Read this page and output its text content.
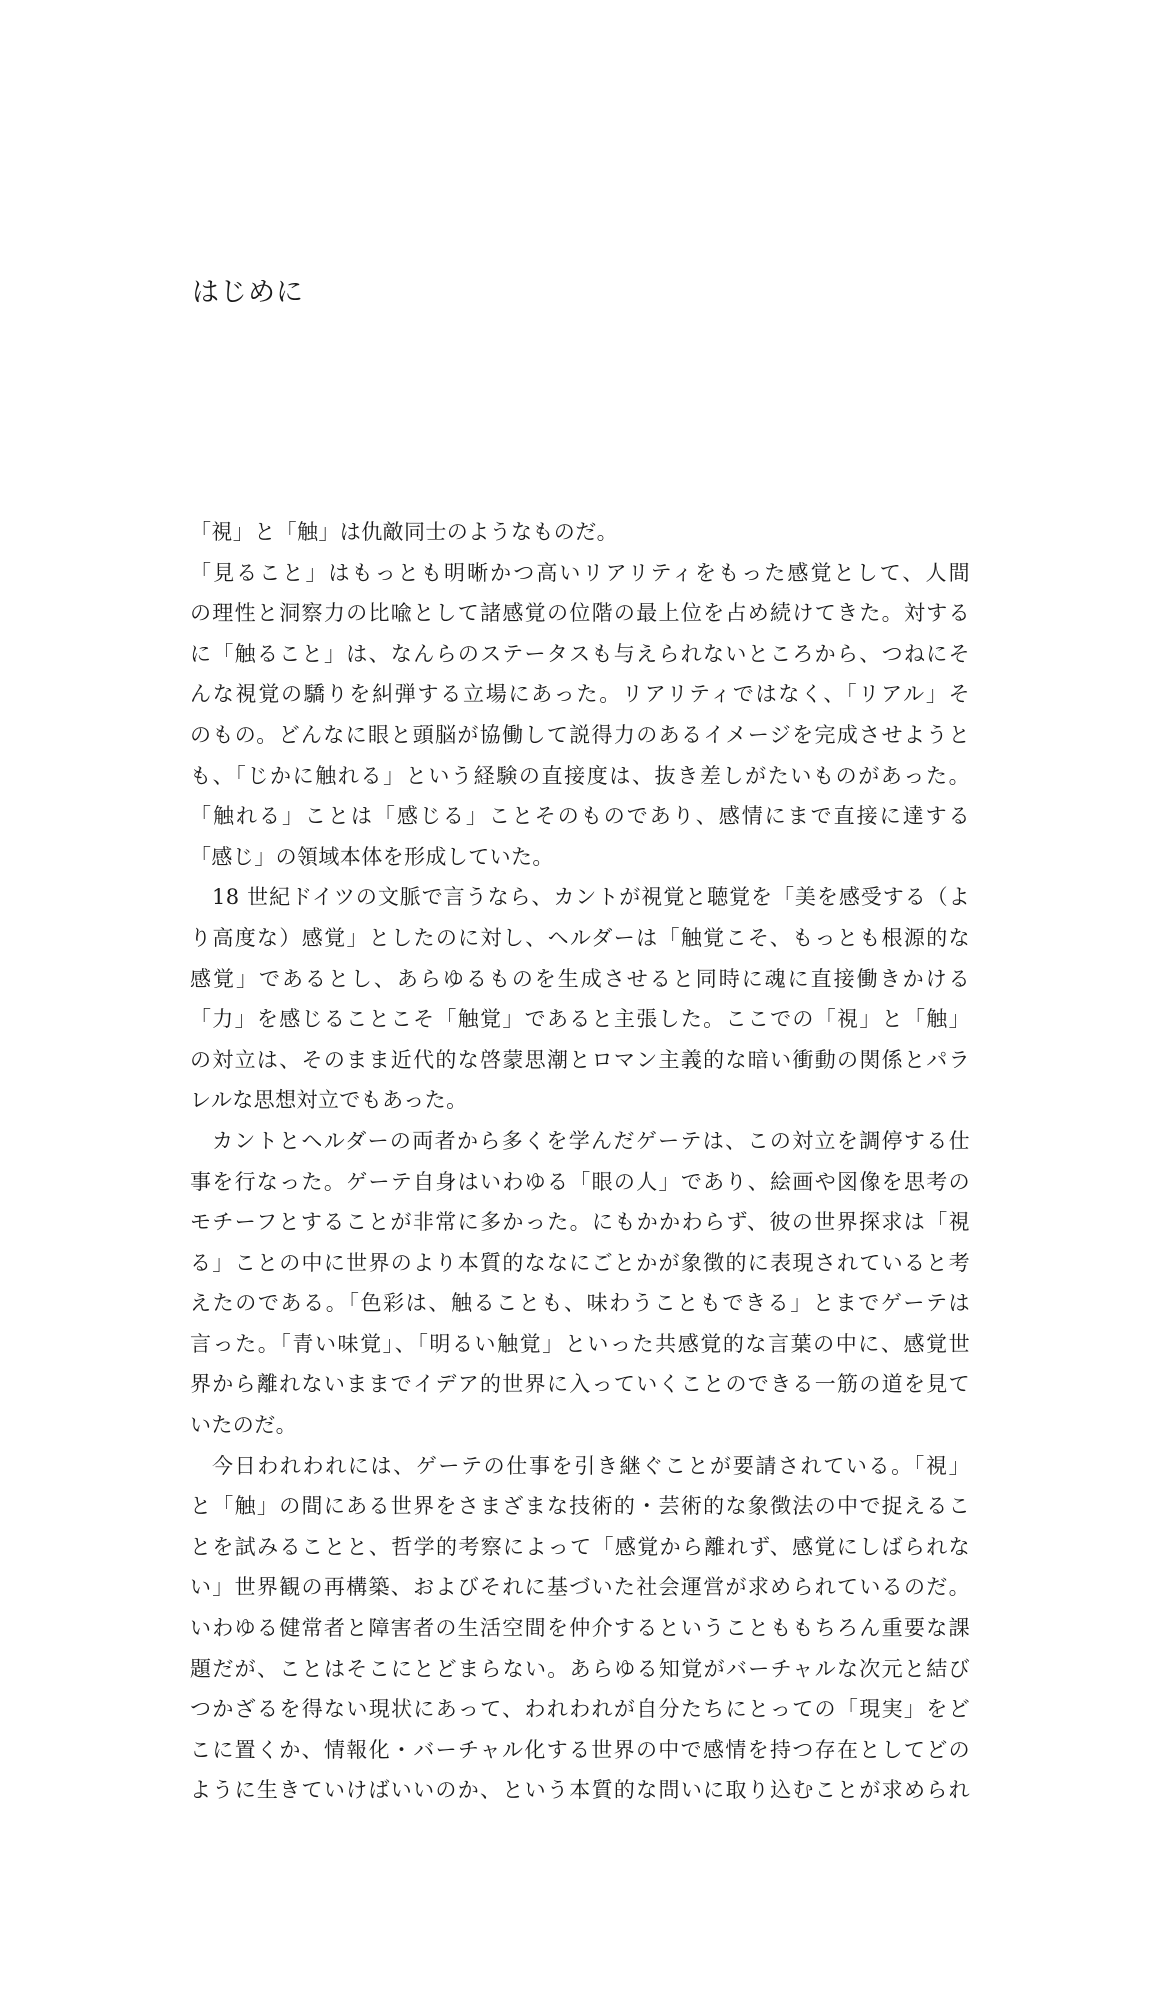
はじめに
「視」と「触」は仇敵同士のようなものだ。
「見ること」はもっとも明晰かつ高いリアリティをもった感覚として、人間
の理性と洞察力の比喩として諸感覚の位階の最上位を占め続けてきた。対する
に「触ること」は、なんらのステータスも与えられないところから、つねにそ
んな視覚の驕りを糾弾する立場にあった。リアリティではなく、「リアル」そ
のもの。どんなに眼と頭脳が協働して説得力のあるイメージを完成させようと
も、「じかに触れる」という経験の直接度は、抜き差しがたいものがあった。
「触れる」ことは「感じる」ことそのものであり、感情にまで直接に達する
「感じ」の領域本体を形成していた。
18 世紀ドイツの文脈で言うなら、カントが視覚と聴覚を「美を感受する（よ
り高度な）感覚」としたのに対し、ヘルダーは「触覚こそ、もっとも根源的な
感覚」であるとし、あらゆるものを生成させると同時に魂に直接働きかける
「力」を感じることこそ「触覚」であると主張した。ここでの「視」と「触」
の対立は、そのまま近代的な啓蒙思潮とロマン主義的な暗い衝動の関係とパラ
レルな思想対立でもあった。
カントとヘルダーの両者から多くを学んだゲーテは、この対立を調停する仕
事を行なった。ゲーテ自身はいわゆる「眼の人」であり、絵画や図像を思考の
モチーフとすることが非常に多かった。にもかかわらず、彼の世界探求は「視
る」ことの中に世界のより本質的ななにごとかが象徴的に表現されていると考
えたのである。「色彩は、触ることも、味わうこともできる」とまでゲーテは
言った。「青い味覚」、「明るい触覚」といった共感覚的な言葉の中に、感覚世
界から離れないままでイデア的世界に入っていくことのできる一筋の道を見て
いたのだ。
今日われわれには、ゲーテの仕事を引き継ぐことが要請されている。「視」
と「触」の間にある世界をさまざまな技術的・芸術的な象徴法の中で捉えるこ
とを試みることと、哲学的考察によって「感覚から離れず、感覚にしばられな
い」世界観の再構築、およびそれに基づいた社会運営が求められているのだ。
いわゆる健常者と障害者の生活空間を仲介するということももちろん重要な課
題だが、ことはそこにとどまらない。あらゆる知覚がバーチャルな次元と結び
つかざるを得ない現状にあって、われわれが自分たちにとっての「現実」をど
こに置くか、情報化・バーチャル化する世界の中で感情を持つ存在としてどの
ように生きていけばいいのか、という本質的な問いに取り込むことが求められ
